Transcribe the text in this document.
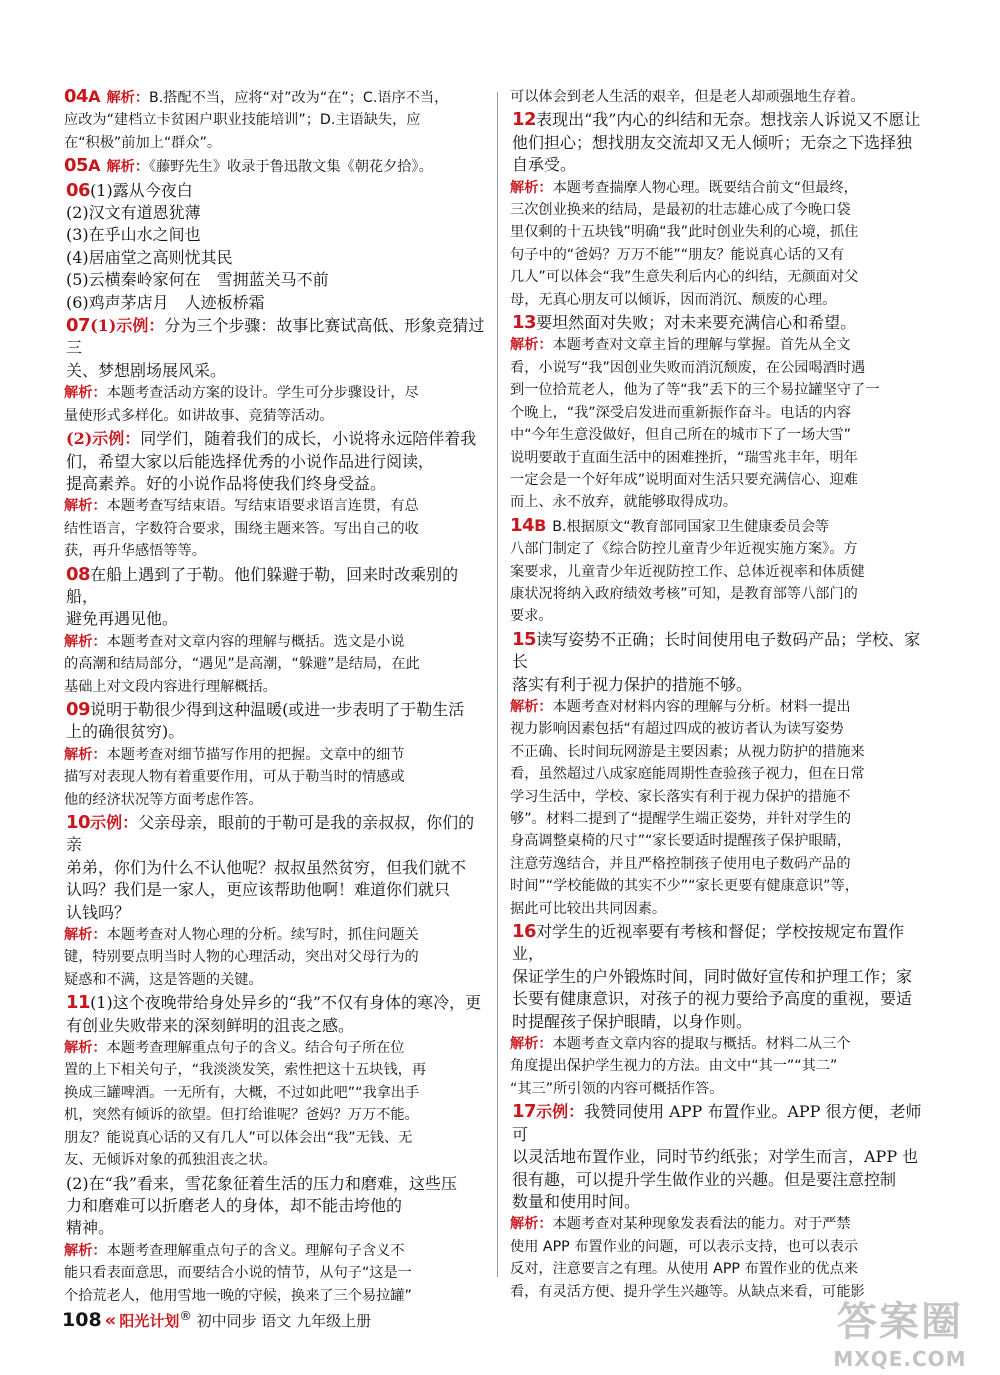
04A 解析：B.搭配不当，应将“对”改为“在”；C.语序不当，
应改为“建档立卡贫困户职业技能培训”；D.主语缺失，应
在“积极”前加上“群众”。
05A 解析：《藤野先生》收录于鲁迅散文集《朝花夕拾》。
06(1)露从今夜白
(2)汉文有道恩犹薄
(3)在乎山水之间也
(4)居庙堂之高则忧其民
(5)云横秦岭家何在　雪拥蓝关马不前
(6)鸡声茅店月　人迹板桥霜
07(1)示例：分为三个步骤：故事比赛试高低、形象竞猜过三
关、梦想剧场展风采。
解析：本题考查活动方案的设计。学生可分步骤设计，尽
量使形式多样化。如讲故事、竞猜等活动。
(2)示例：同学们，随着我们的成长，小说将永远陪伴着我
们，希望大家以后能选择优秀的小说作品进行阅读，
提高素养。好的小说作品将使我们终身受益。
解析：本题考查写结束语。写结束语要求语言连贯，有总
结性语言，字数符合要求，围绕主题来答。写出自己的收
获，再升华感悟等等。
08在船上遇到了于勒。他们躲避于勒，回来时改乘别的船，
避免再遇见他。
解析：本题考查对文章内容的理解与概括。选文是小说
的高潮和结局部分，“遇见”是高潮，“躲避”是结局，在此
基础上对文段内容进行理解概括。
09说明于勒很少得到这种温暖(或进一步表明了于勒生活
上的确很贫穷)。
解析：本题考查对细节描写作用的把握。文章中的细节
描写对表现人物有着重要作用，可从于勒当时的情感或
他的经济状况等方面考虑作答。
10示例：父亲母亲，眼前的于勒可是我的亲叔叔，你们的亲
弟弟，你们为什么不认他呢？叔叔虽然贫穷，但我们就不
认吗？我们是一家人，更应该帮助他啊！难道你们就只
认钱吗？
解析：本题考查对人物心理的分析。续写时，抓住问题关
键，特别要点明当时人物的心理活动，突出对父母行为的
疑惑和不满，这是答题的关键。
11(1)这个夜晚带给身处异乡的“我”不仅有身体的寒冷，更
有创业失败带来的深刻鲜明的沮丧之感。
解析：本题考查理解重点句子的含义。结合句子所在位
置的上下相关句子，“我淡淡发笑，索性把这十五块钱，再
换成三罐啤酒。一无所有，大概，不过如此吧”“我拿出手
机，突然有倾诉的欲望。但打给谁呢？爸妈？万万不能。
朋友？能说真心话的又有几人”可以体会出“我”无钱、无
友、无倾诉对象的孤独沮丧之状。
(2)在“我”看来，雪花象征着生活的压力和磨难，这些压
力和磨难可以折磨老人的身体，却不能击垮他的
精神。
解析：本题考查理解重点句子的含义。理解句子含义不
能只看表面意思，而要结合小说的情节，从句子“这是一
个拾荒老人，他用雪地一晚的守候，换来了三个易拉罐”
可以体会到老人生活的艰辛，但是老人却顽强地生存着。
12表现出“我”内心的纠结和无奈。想找亲人诉说又不愿让
他们担心；想找朋友交流却又无人倾听；无奈之下选择独
自承受。
解析：本题考查揣摩人物心理。既要结合前文“但最终，
三次创业换来的结局，是最初的壮志雄心成了今晚口袋
里仅剩的十五块钱”明确“我”此时创业失利的心境，抓住
句子中的“爸妈？万万不能”“朋友？能说真心话的又有
几人”可以体会“我”生意失利后内心的纠结，无颜面对父
母，无真心朋友可以倾诉，因而消沉、颓废的心理。
13要坦然面对失败；对未来要充满信心和希望。
解析：本题考查对文章主旨的理解与掌握。首先从全文
看，小说写“我”因创业失败而消沉颓废，在公园喝酒时遇
到一位拾荒老人，他为了等“我”丢下的三个易拉罐坚守了一
个晚上，“我”深受启发进而重新振作奋斗。电话的内容
中“今年生意没做好，但自己所在的城市下了一场大雪”
说明要敢于直面生活中的困难挫折，“瑞雪兆丰年，明年
一定会是一个好年成”说明面对生活只要充满信心、迎难
而上、永不放弃，就能够取得成功。
14B B.根据原文“教育部同国家卫生健康委员会等
八部门制定了《综合防控儿童青少年近视实施方案》。方
案要求，儿童青少年近视防控工作、总体近视率和体质健
康状况将纳入政府绩效考核”可知，是教育部等八部门的
要求。
15读写姿势不正确；长时间使用电子数码产品；学校、家长
落实有利于视力保护的措施不够。
解析：本题考查对材料内容的理解与分析。材料一提出
视力影响因素包括“有超过四成的被访者认为读写姿势
不正确、长时间玩网游是主要因素；从视力防护的措施来
看，虽然超过八成家庭能周期性查验孩子视力，但在日常
学习生活中，学校、家长落实有利于视力保护的措施不
够”。材料二提到了“提醒学生端正姿势，并针对学生的
身高调整桌椅的尺寸”“家长要适时提醒孩子保护眼睛，
注意劳逸结合，并且严格控制孩子使用电子数码产品的
时间”“学校能做的其实不少”“家长更要有健康意识”等，
据此可比较出共同因素。
16对学生的近视率要有考核和督促；学校按规定布置作业，
保证学生的户外锻炼时间，同时做好宣传和护理工作；家
长要有健康意识，对孩子的视力要给予高度的重视，要适
时提醒孩子保护眼睛，以身作则。
解析：本题考查文章内容的提取与概括。材料二从三个
角度提出保护学生视力的方法。由文中“其一”“其二”
“其三”所引领的内容可概括作答。
17示例：我赞同使用 APP 布置作业。APP 很方便，老师可
以灵活地布置作业，同时节约纸张；对学生而言，APP 也
很有趣，可以提升学生做作业的兴趣。但是要注意控制
数量和使用时间。
解析：本题考查对某种现象发表看法的能力。对于严禁
使用 APP 布置作业的问题，可以表示支持，也可以表示
反对，注意要言之有理。从使用 APP 布置作业的优点来
看，有灵活方便、提升学生兴趣等。从缺点来看，可能影
108 « 阳光计划® 初中同步 语文 九年级上册	答案圈
MXQE.COM
